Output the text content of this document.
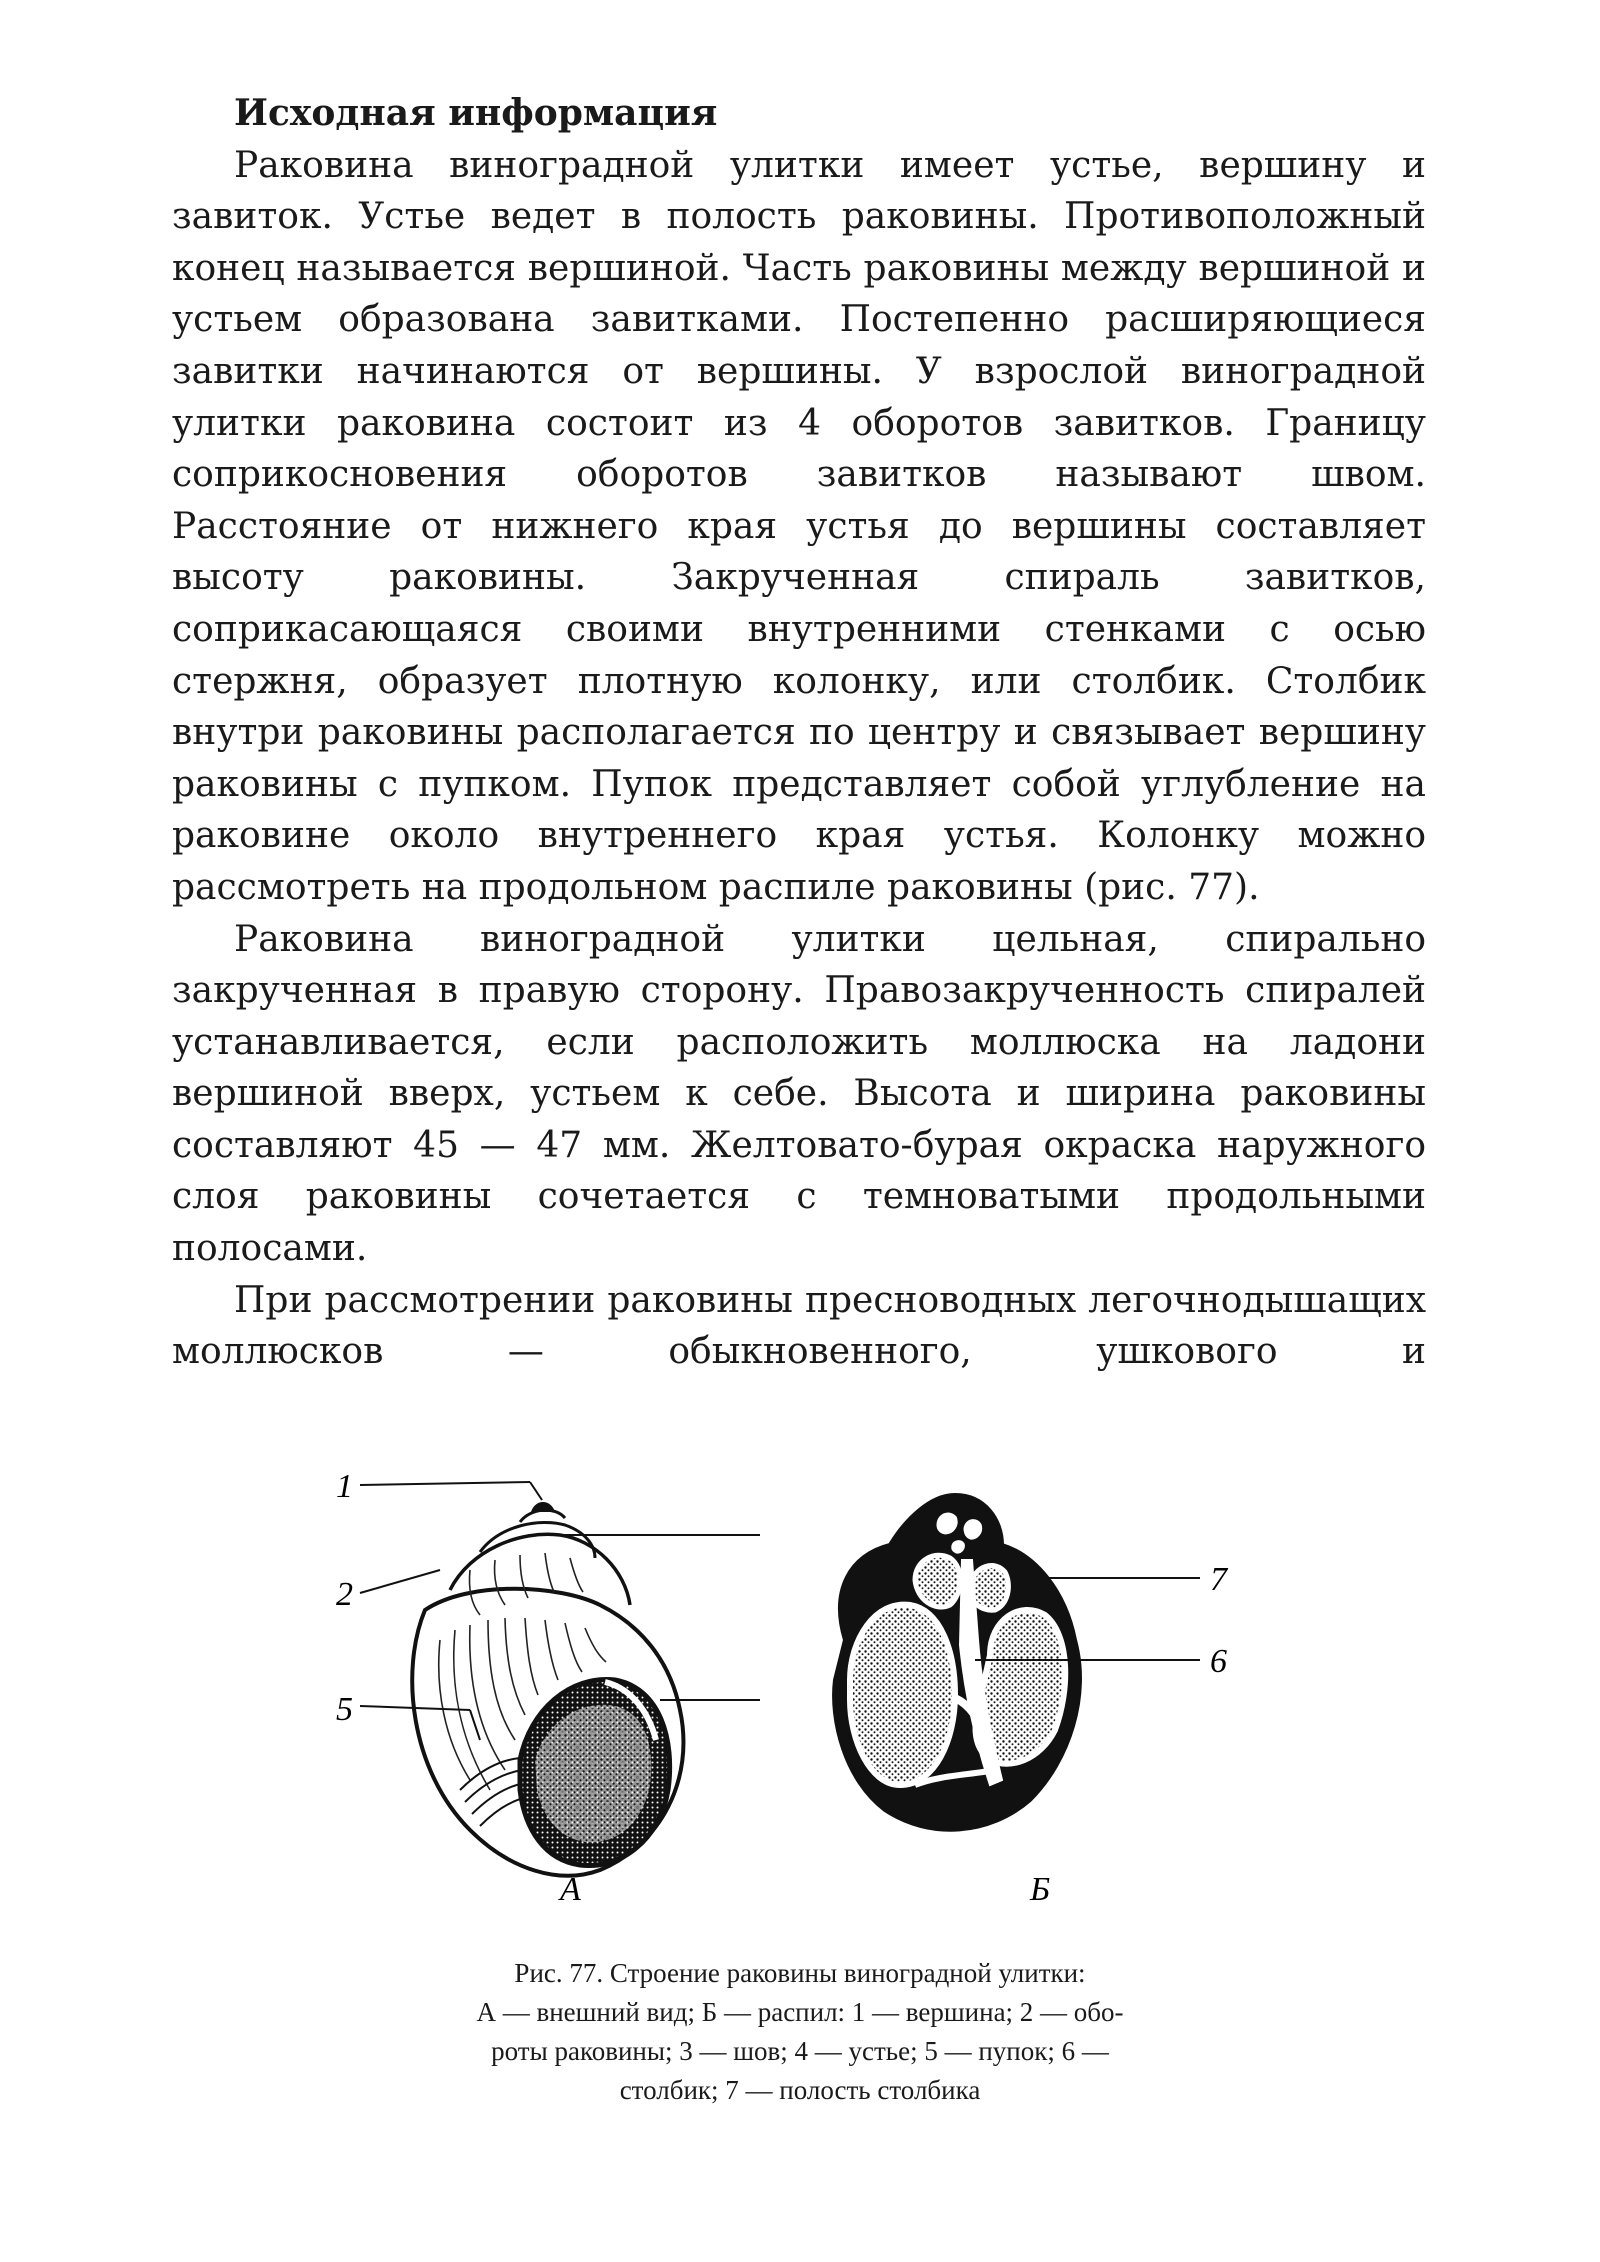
Исходная информация

Раковина виноградной улитки имеет устье, вершину и завиток. Устье ведет в полость раковины. Противоположный конец называется вершиной. Часть раковины между вершиной и устьем образована завитками. Постепенно расширяющиеся завитки начинаются от вершины. У взрослой виноградной улитки раковина состоит из 4 оборотов завитков. Границу соприкосновения оборотов завитков называют швом. Расстояние от нижнего края устья до вершины составляет высоту раковины. Закрученная спираль завитков, соприкасающаяся своими внутренними стенками с осью стержня, образует плотную колонку, или столбик. Столбик внутри раковины располагается по центру и связывает вершину раковины с пупком. Пупок представляет собой углубление на раковине около внутреннего края устья. Колонку можно рассмотреть на продольном распиле раковины (рис. 77).

Раковина виноградной улитки цельная, спирально закрученная в правую сторону. Правозакрученность спиралей устанавливается, если расположить моллюска на ладони вершиной вверх, устьем к себе. Высота и ширина раковины составляют 45 — 47 мм. Желтовато-бурая окраска наружного слоя раковины сочетается с темноватыми продольными полосами.

При рассмотрении раковины пресноводных легочнодышащих моллюсков — обыкновенного, ушкового и

1
2
5
А
7
6
Б

Рис. 77. Строение раковины виноградной улитки:

А — внешний вид; Б — распил: 1 — вершина; 2 — обо-

роты раковины; 3 — шов; 4 — устье; 5 — пупок; 6 —

столбик; 7 — полость столбика
